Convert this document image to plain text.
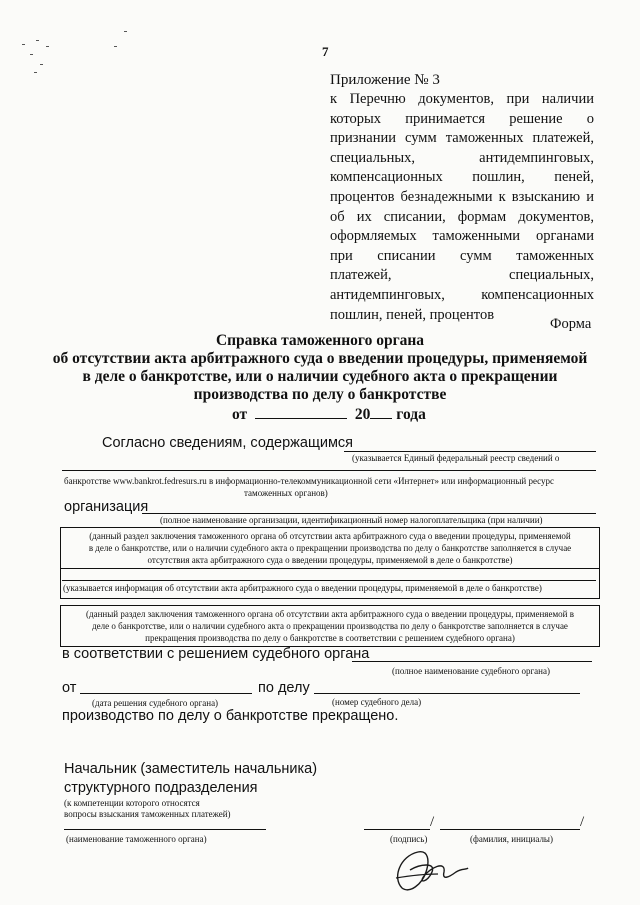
7
Приложение № 3
к Перечню документов, при наличии которых принимается решение о признании сумм таможенных платежей, специальных, антидемпинговых, компенсационных пошлин, пеней, процентов безнадежными к взысканию и об их списании, формам документов, оформляемых таможенными органами при списании сумм таможенных платежей, специальных, антидемпинговых, компенсационных пошлин, пеней, процентов
Форма
Справка таможенного органа
об отсутствии акта арбитражного суда о введении процедуры, применяемой
в деле о банкротстве, или о наличии судебного акта о прекращении
производства по делу о банкротстве
от	20 года
Согласно сведениям, содержащимся
(указывается Единый федеральный реестр сведений о
банкротстве www.bankrot.fedresurs.ru в информационно-телекоммуникационной сети «Интернет» или информационный ресурс
таможенных органов)
организация
(полное наименование организации, идентификационный номер налогоплательщика (при наличии)
(данный раздел заключения таможенного органа об отсутствии акта арбитражного суда о введении процедуры, применяемой
в деле о банкротстве, или о наличии судебного акта о прекращении производства по делу о банкротстве заполняется в случае
отсутствия акта арбитражного суда о введении процедуры, применяемой в деле о банкротстве)
(указывается информация об отсутствии акта арбитражного суда о введении процедуры, применяемой в деле о банкротстве)
(данный раздел заключения таможенного органа об отсутствии акта арбитражного суда о введении процедуры, применяемой в
деле о банкротстве, или о наличии судебного акта о прекращении производства по делу о банкротстве заполняется в случае
прекращения производства по делу о банкротстве в соответствии с решением судебного органа)
в соответствии с решением судебного органа
(полное наименование судебного органа)
от	по делу
(дата решения судебного органа)	(номер судебного дела)
производство по делу о банкротстве прекращено.
Начальник (заместитель начальника)
структурного подразделения
(к компетенции которого относятся
вопросы взыскания таможенных платежей)
(наименование таможенного органа)
/	/
(подпись)	(фамилия, инициалы)
